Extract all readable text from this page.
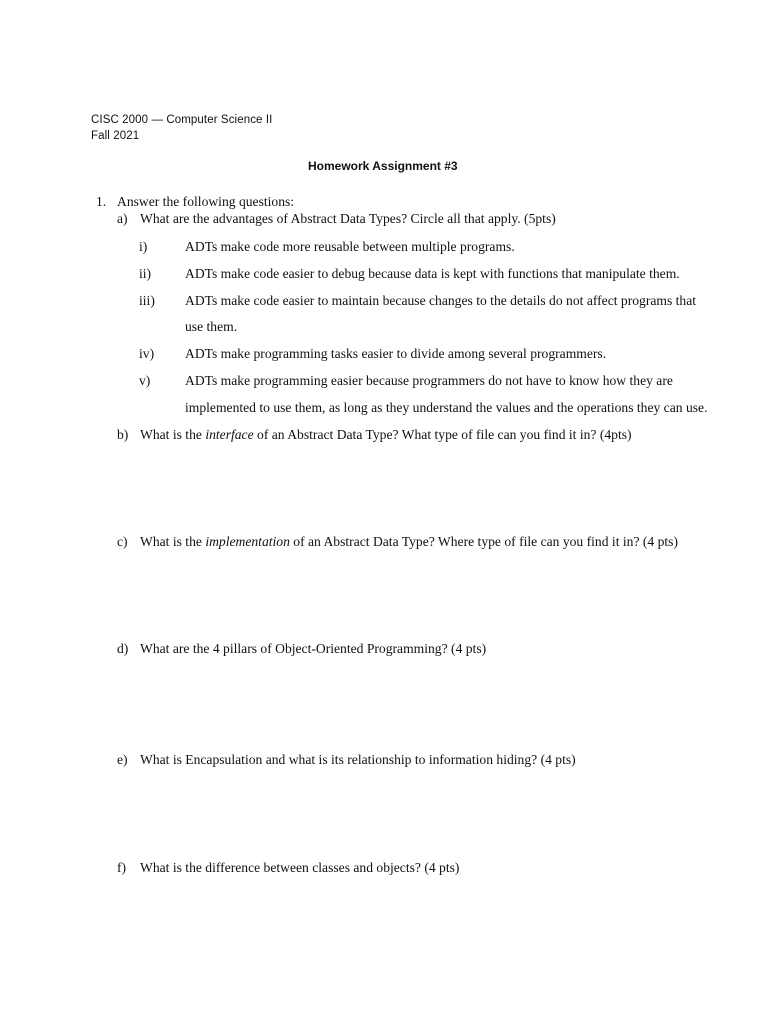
CISC 2000 — Computer Science II
Fall 2021
Homework Assignment #3
1. Answer the following questions:
a) What are the advantages of Abstract Data Types? Circle all that apply. (5pts)
i)	ADTs make code more reusable between multiple programs.
ii) ADTs make code easier to debug because data is kept with functions that manipulate them.
iii) ADTs make code easier to maintain because changes to the details do not affect programs that
use them.
iv) ADTs make programming tasks easier to divide among several programmers.
v)	ADTs make programming easier because programmers do not have to know how they are
implemented to use them, as long as they understand the values and the operations they can use.
b) What is the interface of an Abstract Data Type? What type of file can you find it in? (4pts)
c) What is the implementation of an Abstract Data Type? Where type of file can you find it in? (4 pts)
d) What are the 4 pillars of Object-Oriented Programming? (4 pts)
e) What is Encapsulation and what is its relationship to information hiding? (4 pts)
f) What is the difference between classes and objects? (4 pts)
